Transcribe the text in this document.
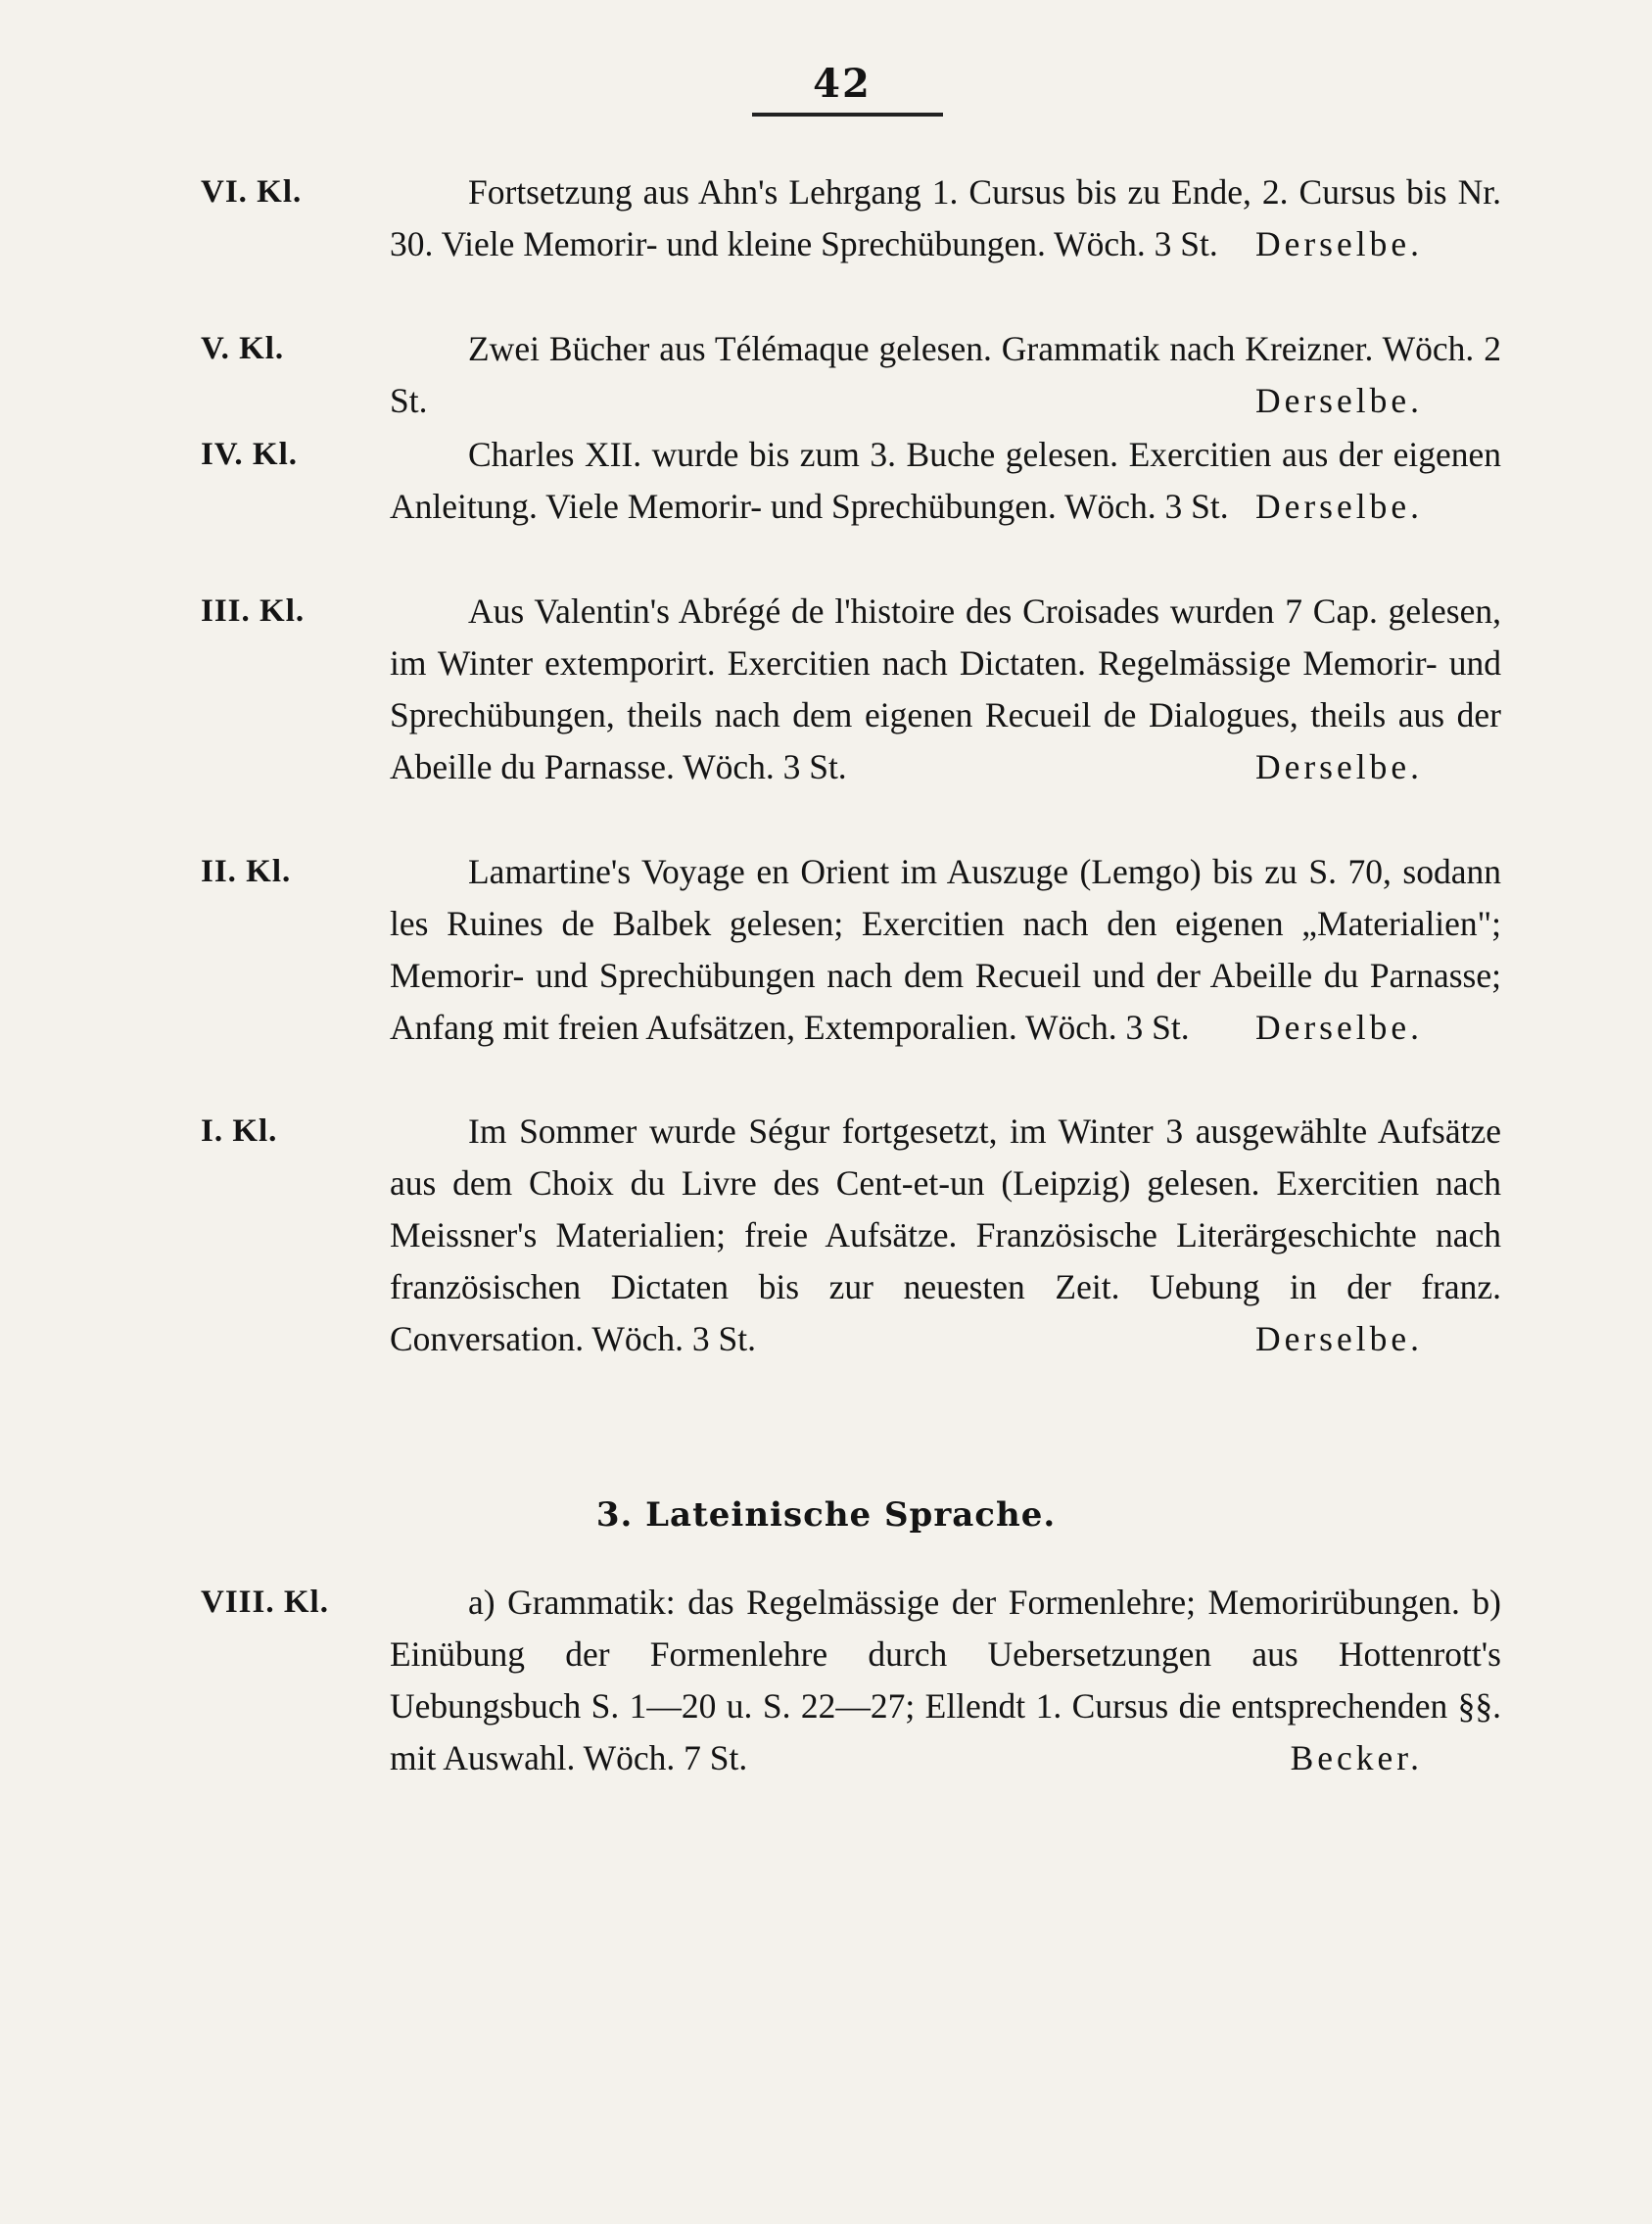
42
VI. Kl.	Fortsetzung aus Ahn's Lehrgang 1. Cursus bis zu Ende, 2. Cursus bis Nr. 30. Viele Memorir- und kleine Sprechübungen. Wöch. 3 St. Derselbe.
V. Kl.	Zwei Bücher aus Télémaque gelesen. Grammatik nach Kreizner. Wöch. 2 St.	Derselbe.
IV. Kl.	Charles XII. wurde bis zum 3. Buche gelesen. Exercitien aus der eigenen Anleitung. Viele Memorir- und Sprechübungen. Wöch. 3 St. Derselbe.
III. Kl.	Aus Valentin's Abrégé de l'histoire des Croisades wurden 7 Cap. gelesen, im Winter extemporirt. Exercitien nach Dictaten. Regelmässige Memorir- und Sprechübungen, theils nach dem eigenen Recueil de Dialogues, theils aus der Abeille du Parnasse. Wöch. 3 St.	Derselbe.
II. Kl.	Lamartine's Voyage en Orient im Auszuge (Lemgo) bis zu S. 70, sodann les Ruines de Balbek gelesen; Exercitien nach den eigenen „Materialien"; Memorir- und Sprechübungen nach dem Recueil und der Abeille du Parnasse; Anfang mit freien Aufsätzen, Extemporalien. Wöch. 3 St. Derselbe.
I. Kl.	Im Sommer wurde Ségur fortgesetzt, im Winter 3 ausgewählte Aufsätze aus dem Choix du Livre des Cent-et-un (Leipzig) gelesen. Exercitien nach Meissner's Materialien; freie Aufsätze. Französische Literärgeschichte nach französischen Dictaten bis zur neuesten Zeit. Uebung in der franz. Conversation. Wöch. 3 St.	Derselbe.
3. Lateinische Sprache.
VIII. Kl.	a) Grammatik: das Regelmässige der Formenlehre; Memorirübungen. b) Einübung der Formenlehre durch Uebersetzungen aus Hottenrott's Uebungsbuch S. 1—20 u. S. 22—27; Ellendt 1. Cursus die entsprechenden §§. mit Auswahl. Wöch. 7 St.	Becker.
